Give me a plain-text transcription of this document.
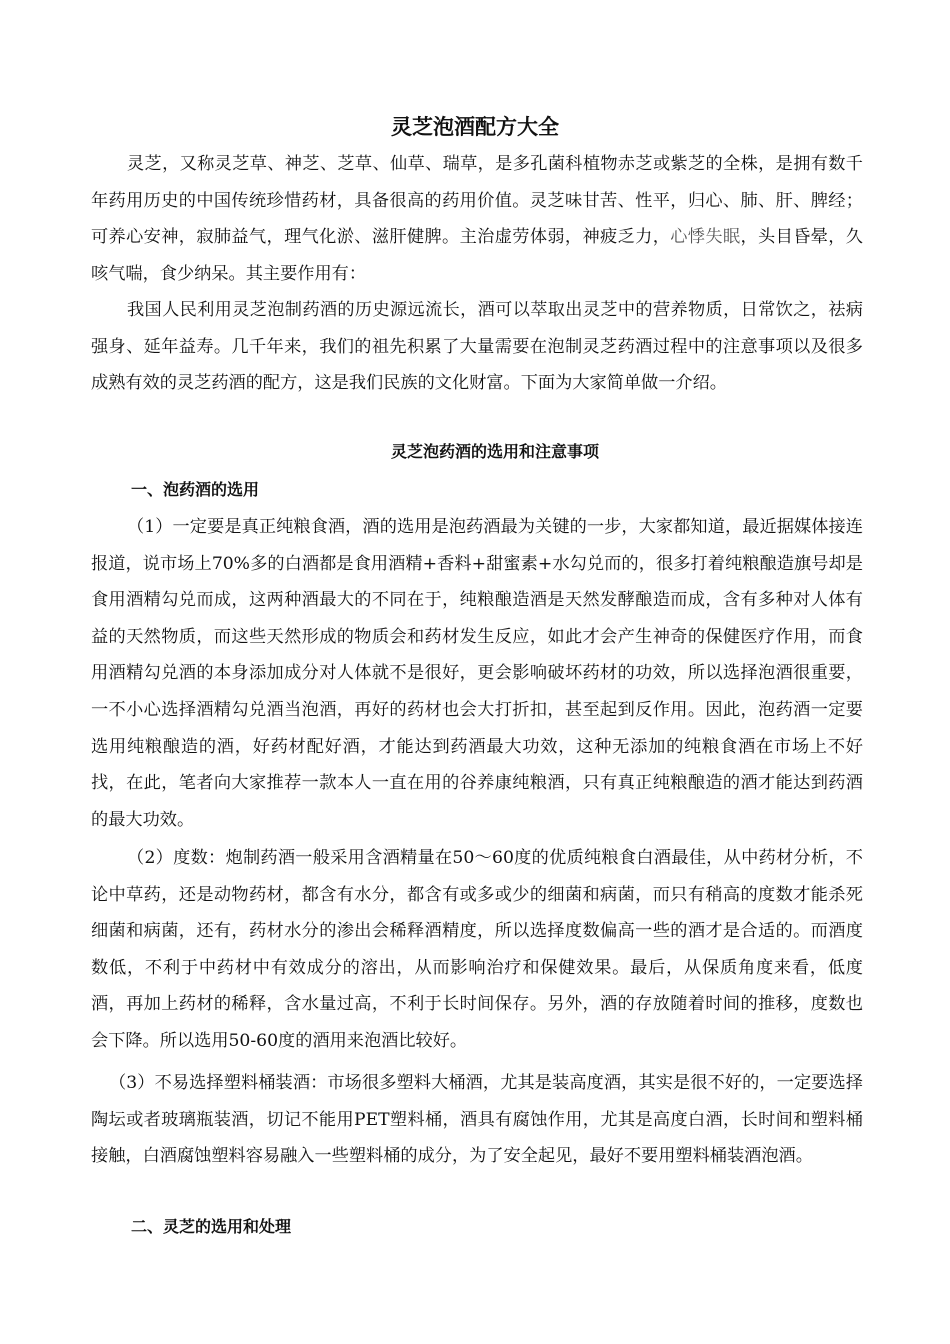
灵芝泡酒配方大全

灵芝，又称灵芝草、神芝、芝草、仙草、瑞草，是多孔菌科植物赤芝或紫芝的全株，是拥有数千年药用历史的中国传统珍惜药材，具备很高的药用价值。灵芝味甘苦、性平，归心、肺、肝、脾经；可养心安神，寂肺益气，理气化淤、滋肝健脾。主治虚劳体弱，神疲乏力，心悸失眠，头目昏晕，久咳气喘，食少纳呆。其主要作用有：

我国人民利用灵芝泡制药酒的历史源远流长，酒可以萃取出灵芝中的营养物质，日常饮之，祛病强身、延年益寿。几千年来，我们的祖先积累了大量需要在泡制灵芝药酒过程中的注意事项以及很多成熟有效的灵芝药酒的配方，这是我们民族的文化财富。下面为大家简单做一介绍。

灵芝泡药酒的选用和注意事项
一、泡药酒的选用

（1）一定要是真正纯粮食酒，酒的选用是泡药酒最为关键的一步，大家都知道，最近据媒体接连报道，说市场上70%多的白酒都是食用酒精+香料+甜蜜素+水勾兑而的，很多打着纯粮酿造旗号却是食用酒精勾兑而成，这两种酒最大的不同在于，纯粮酿造酒是天然发酵酿造而成，含有多种对人体有益的天然物质，而这些天然形成的物质会和药材发生反应，如此才会产生神奇的保健医疗作用，而食用酒精勾兑酒的本身添加成分对人体就不是很好，更会影响破坏药材的功效，所以选择泡酒很重要，一不小心选择酒精勾兑酒当泡酒，再好的药材也会大打折扣，甚至起到反作用。因此，泡药酒一定要选用纯粮酿造的酒，好药材配好酒，才能达到药酒最大功效，这种无添加的纯粮食酒在市场上不好找，在此，笔者向大家推荐一款本人一直在用的谷养康纯粮酒，只有真正纯粮酿造的酒才能达到药酒的最大功效。

（2）度数：炮制药酒一般采用含酒精量在50～60度的优质纯粮食白酒最佳，从中药材分析，不论中草药，还是动物药材，都含有水分，都含有或多或少的细菌和病菌，而只有稍高的度数才能杀死细菌和病菌，还有，药材水分的渗出会稀释酒精度，所以选择度数偏高一些的酒才是合适的。而酒度数低，不利于中药材中有效成分的溶出，从而影响治疗和保健效果。最后，从保质角度来看，低度酒，再加上药材的稀释，含水量过高，不利于长时间保存。另外，酒的存放随着时间的推移，度数也会下降。所以选用50-60度的酒用来泡酒比较好。

（3）不易选择塑料桶装酒：市场很多塑料大桶酒，尤其是装高度酒，其实是很不好的，一定要选择陶坛或者玻璃瓶装酒，切记不能用PET塑料桶，酒具有腐蚀作用，尤其是高度白酒，长时间和塑料桶接触，白酒腐蚀塑料容易融入一些塑料桶的成分，为了安全起见，最好不要用塑料桶装酒泡酒。

二、灵芝的选用和处理
